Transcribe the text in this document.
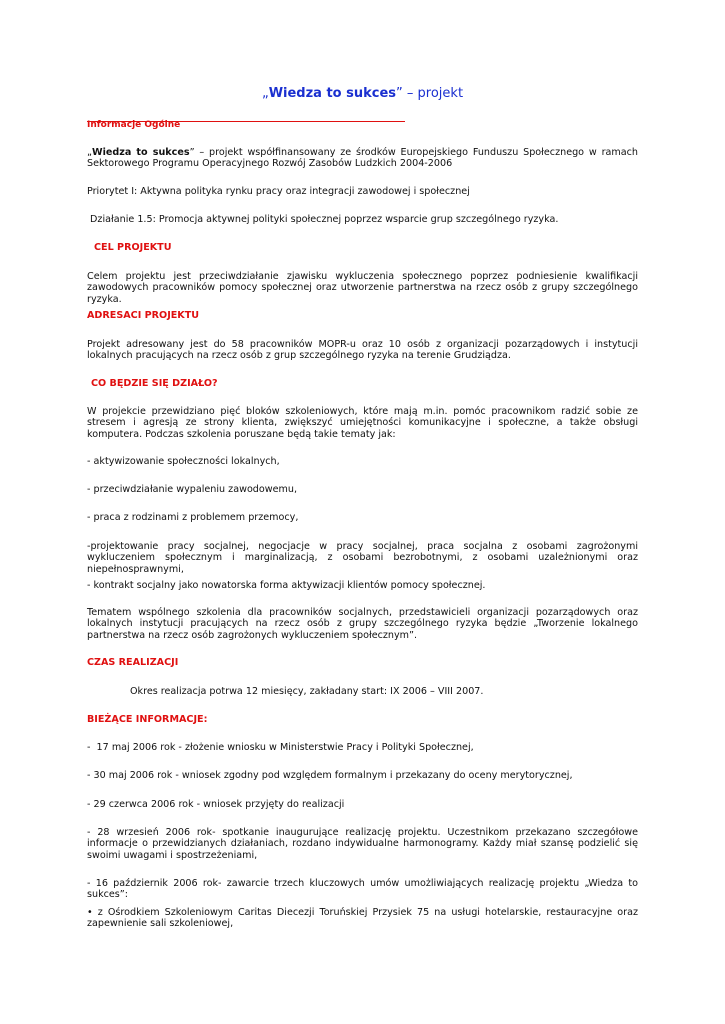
„Wiedza to sukces” – projekt
Informacje Ogólne
„Wiedza to sukces” – projekt współfinansowany ze środków Europejskiego Funduszu Społecznego w ramach Sektorowego Programu Operacyjnego Rozwój Zasobów Ludzkich 2004-2006
Priorytet I: Aktywna polityka rynku pracy oraz integracji zawodowej i społecznej
Działanie 1.5: Promocja aktywnej polityki społecznej poprzez wsparcie grup szczególnego ryzyka.
CEL PROJEKTU
Celem projektu jest przeciwdziałanie zjawisku wykluczenia społecznego poprzez podniesienie kwalifikacji zawodowych pracowników pomocy społecznej oraz utworzenie partnerstwa na rzecz osób z grupy szczególnego ryzyka.
ADRESACI PROJEKTU
Projekt adresowany jest do 58 pracowników MOPR-u oraz 10 osób z organizacji pozarządowych i instytucji lokalnych pracujących na rzecz osób z grup szczególnego ryzyka na terenie Grudziądza.
CO BĘDZIE SIĘ DZIAŁO?
W projekcie przewidziano pięć bloków szkoleniowych, które mają m.in. pomóc pracownikom radzić sobie ze stresem i agresją ze strony klienta, zwiększyć umiejętności komunikacyjne i społeczne, a także obsługi komputera. Podczas szkolenia poruszane będą takie tematy jak:
- aktywizowanie społeczności lokalnych,
- przeciwdziałanie wypaleniu zawodowemu,
- praca z rodzinami z problemem przemocy,
-projektowanie pracy socjalnej, negocjacje w pracy socjalnej, praca socjalna z osobami zagrożonymi wykluczeniem społecznym i marginalizacją, z osobami bezrobotnymi, z osobami uzależnionymi oraz niepełnosprawnymi,
- kontrakt socjalny jako nowatorska forma aktywizacji klientów pomocy społecznej.
Tematem wspólnego szkolenia dla pracowników socjalnych, przedstawicieli organizacji pozarządowych oraz lokalnych instytucji pracujących na rzecz osób z grupy szczególnego ryzyka będzie „Tworzenie lokalnego partnerstwa na rzecz osób zagrożonych wykluczeniem społecznym”.
CZAS REALIZACJI
Okres realizacja potrwa 12 miesięcy, zakładany start: IX 2006 – VIII 2007.
BIEŻĄCE INFORMACJE:
-  17 maj 2006 rok - złożenie wniosku w Ministerstwie Pracy i Polityki Społecznej,
- 30 maj 2006 rok - wniosek zgodny pod względem formalnym i przekazany do oceny merytorycznej,
- 29 czerwca 2006 rok - wniosek przyjęty do realizacji
- 28 wrzesień 2006 rok- spotkanie inaugurujące realizację projektu. Uczestnikom przekazano szczegółowe informacje o przewidzianych działaniach, rozdano indywidualne harmonogramy. Każdy miał szansę podzielić się swoimi uwagami i spostrzeżeniami,
- 16 październik 2006 rok- zawarcie trzech kluczowych umów umożliwiających realizację projektu „Wiedza to sukces”:
• z Ośrodkiem Szkoleniowym Caritas Diecezji Toruńskiej Przysiek 75 na usługi hotelarskie, restauracyjne oraz zapewnienie sali szkoleniowej,
